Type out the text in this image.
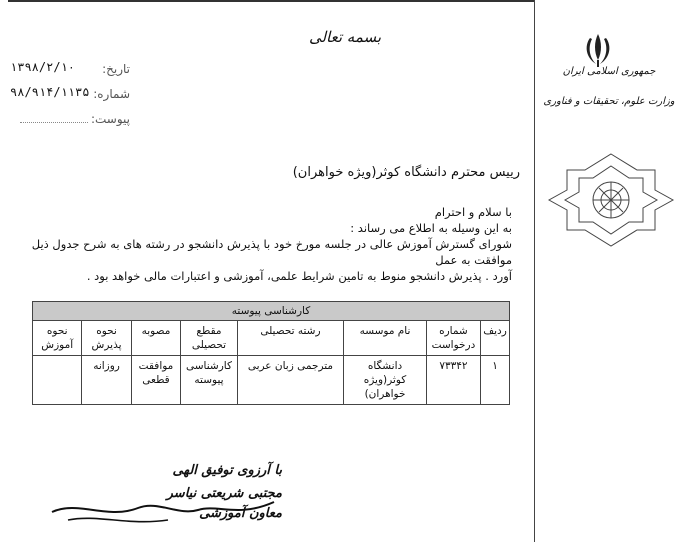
بسمه تعالی
تاریخ:
۱۳۹۸/۲/۱۰
شماره:
۹۸/۹۱۴/۱۱۳۵
پیوست:
جمهوری اسلامی ایران
وزارت علوم، تحقیقات و فناوری
رییس محترم دانشگاه کوثر(ویژه خواهران)
با سلام و احترام
به این وسیله به اطلاع می رساند :
شورای گسترش آموزش عالی در جلسه مورخ خود با پذیرش دانشجو در رشته های به شرح جدول ذیل موافقت به عمل
آورد . پذیرش دانشجو منوط به تامین شرایط علمی، آموزشی و اعتبارات مالی خواهد بود .
کارشناسی پیوسته							
ردیف	شماره درخواست	نام موسسه	رشته تحصیلی	مقطع تحصیلی	مصوبه	نحوه پذیرش	نحوه آموزش
۱	۷۳۳۴۲	دانشگاه کوثر(ویژه خواهران)	مترجمی زبان عربی	کارشناسی پیوسته	موافقت قطعی	روزانه	
با آرزوی توفیق الهی
مجتبی شریعتی نیاسر
معاون آموزشی
